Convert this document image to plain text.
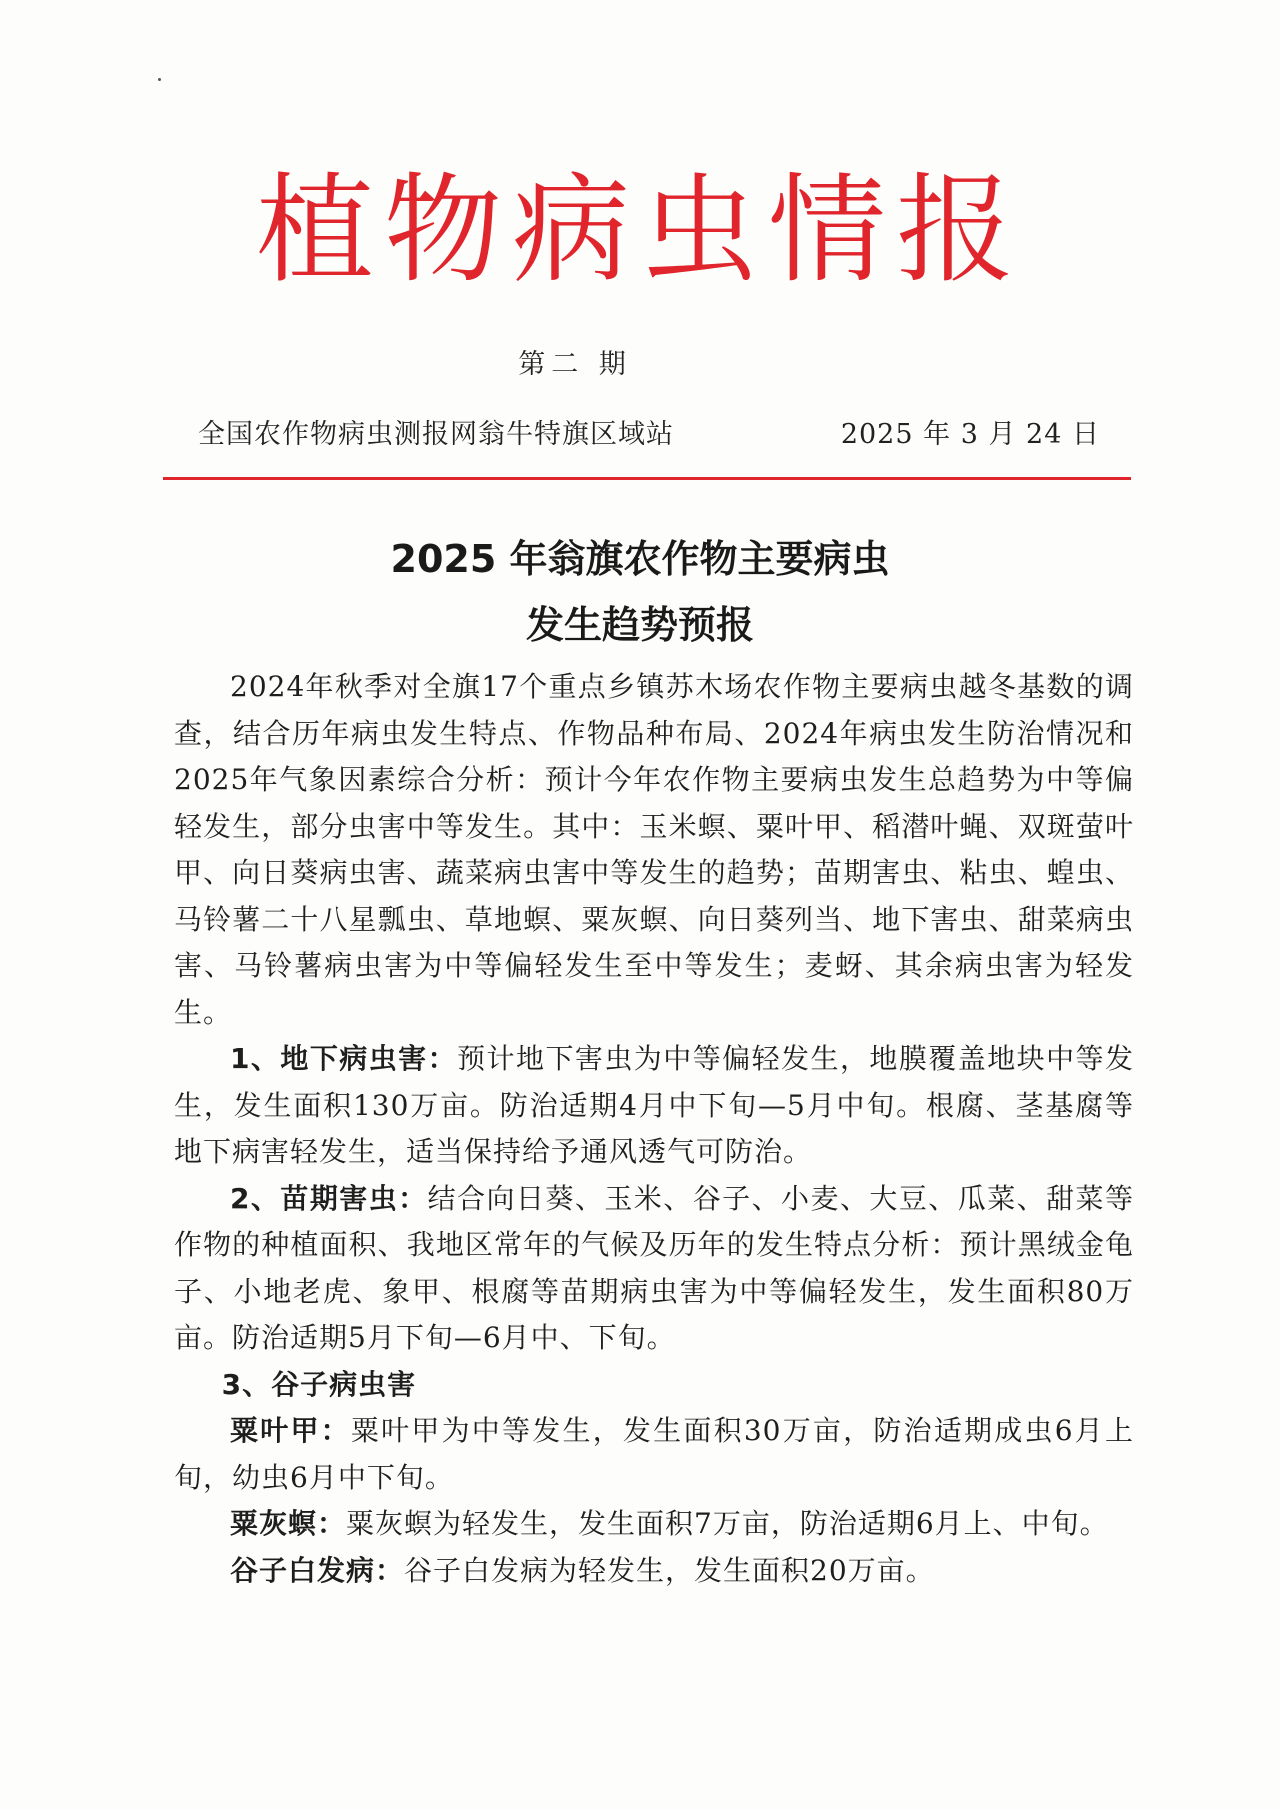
植物病虫情报
第二 期
全国农作物病虫测报网翁牛特旗区域站	2025 年 3 月 24 日
2025 年翁旗农作物主要病虫
发生趋势预报

2024年秋季对全旗17个重点乡镇苏木场农作物主要病虫越冬基数的调查，结合历年病虫发生特点、作物品种布局、2024年病虫发生防治情况和2025年气象因素综合分析：预计今年农作物主要病虫发生总趋势为中等偏轻发生，部分虫害中等发生。其中：玉米螟、粟叶甲、稻潜叶蝇、双斑萤叶甲、向日葵病虫害、蔬菜病虫害中等发生的趋势；苗期害虫、粘虫、蝗虫、马铃薯二十八星瓢虫、草地螟、粟灰螟、向日葵列当、地下害虫、甜菜病虫害、马铃薯病虫害为中等偏轻发生至中等发生；麦蚜、其余病虫害为轻发生。

1、地下病虫害：预计地下害虫为中等偏轻发生，地膜覆盖地块中等发生，发生面积130万亩。防治适期4月中下旬—5月中旬。根腐、茎基腐等地下病害轻发生，适当保持给予通风透气可防治。

2、苗期害虫：结合向日葵、玉米、谷子、小麦、大豆、瓜菜、甜菜等作物的种植面积、我地区常年的气候及历年的发生特点分析：预计黑绒金龟子、小地老虎、象甲、根腐等苗期病虫害为中等偏轻发生，发生面积80万亩。防治适期5月下旬—6月中、下旬。

3、谷子病虫害

粟叶甲：粟叶甲为中等发生，发生面积30万亩，防治适期成虫6月上旬，幼虫6月中下旬。

粟灰螟：粟灰螟为轻发生，发生面积7万亩，防治适期6月上、中旬。

谷子白发病：谷子白发病为轻发生，发生面积20万亩。
